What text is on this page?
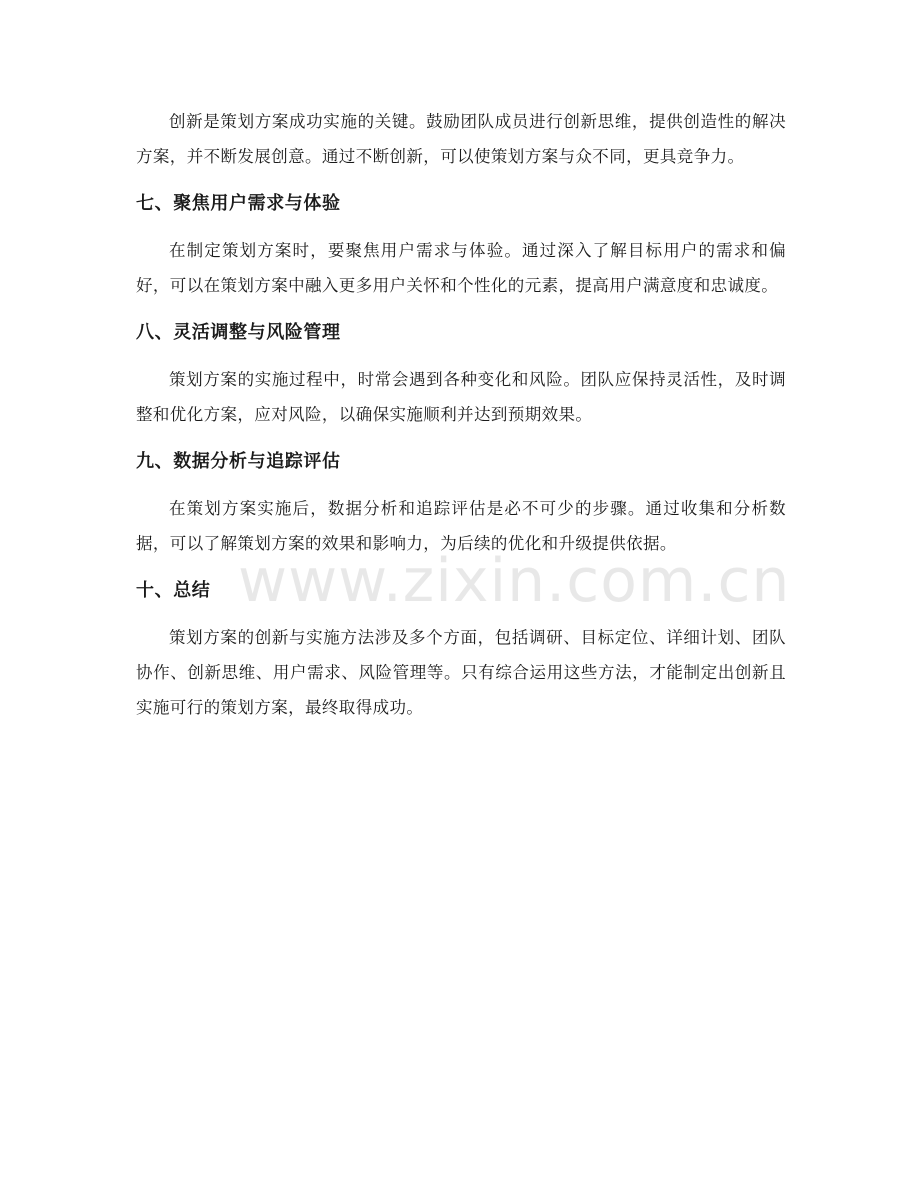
创新是策划方案成功实施的关键。鼓励团队成员进行创新思维，提供创造性的解决方案，并不断发展创意。通过不断创新，可以使策划方案与众不同，更具竞争力。

七、聚焦用户需求与体验

在制定策划方案时，要聚焦用户需求与体验。通过深入了解目标用户的需求和偏好，可以在策划方案中融入更多用户关怀和个性化的元素，提高用户满意度和忠诚度。

八、灵活调整与风险管理

策划方案的实施过程中，时常会遇到各种变化和风险。团队应保持灵活性，及时调整和优化方案，应对风险，以确保实施顺利并达到预期效果。

九、数据分析与追踪评估

在策划方案实施后，数据分析和追踪评估是必不可少的步骤。通过收集和分析数据，可以了解策划方案的效果和影响力，为后续的优化和升级提供依据。

十、总结

策划方案的创新与实施方法涉及多个方面，包括调研、目标定位、详细计划、团队协作、创新思维、用户需求、风险管理等。只有综合运用这些方法，才能制定出创新且实施可行的策划方案，最终取得成功。

www.zixin.com.cn
